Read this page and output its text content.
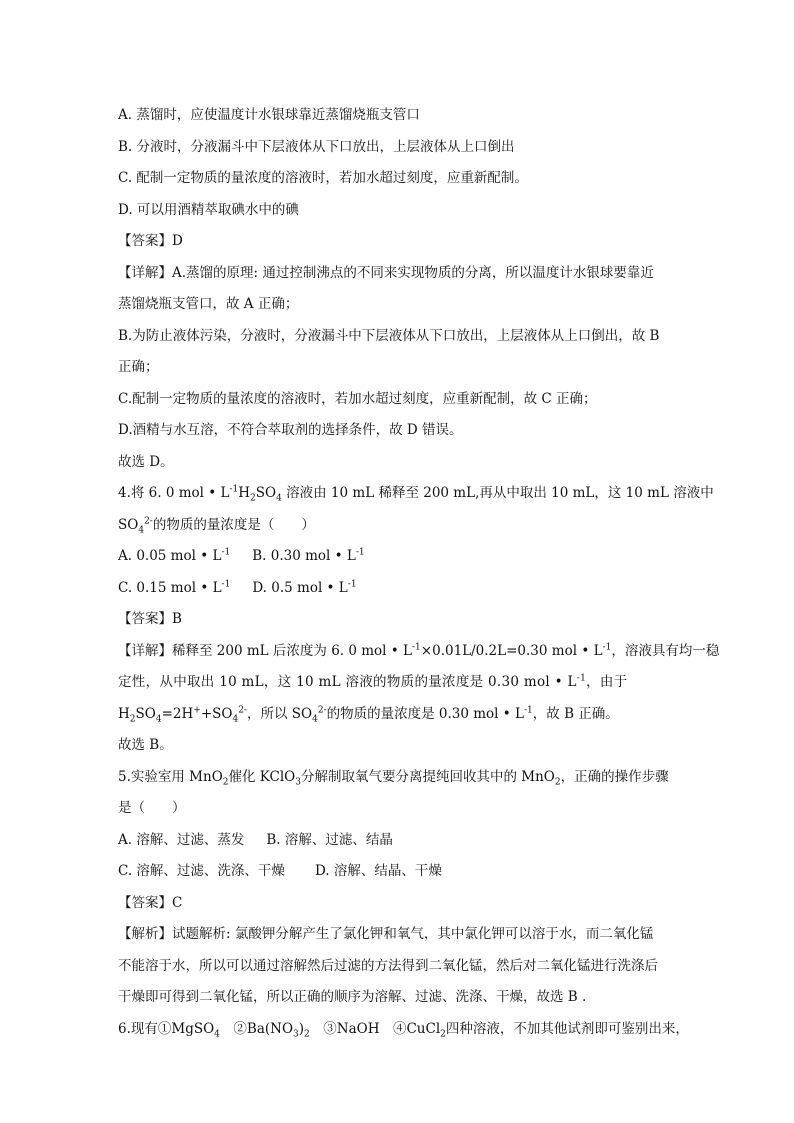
A. 蒸馏时，应使温度计水银球靠近蒸馏烧瓶支管口
B. 分液时，分液漏斗中下层液体从下口放出，上层液体从上口倒出
C. 配制一定物质的量浓度的溶液时，若加水超过刻度，应重新配制。
D. 可以用酒精萃取碘水中的碘
【答案】D
【详解】A.蒸馏的原理: 通过控制沸点的不同来实现物质的分离，所以温度计水银球要靠近
蒸馏烧瓶支管口，故 A 正确；
B.为防止液体污染，分液时，分液漏斗中下层液体从下口放出，上层液体从上口倒出，故 B
正确；
C.配制一定物质的量浓度的溶液时，若加水超过刻度，应重新配制，故 C 正确；
D.酒精与水互溶，不符合萃取剂的选择条件，故 D 错误。
故选 D。
4.将 6. 0 mol • $L^{-1}H_2SO_4$ 溶液由 10 mL 稀释至 200 mL,再从中取出 10 mL，这 10 mL 溶液中
$SO_4^{2-}$的物质的量浓度是（　　）
A. 0.05 mol • $L^{-1}$ B. 0.30 mol • $L^{-1}$
C. 0.15 mol • $L^{-1}$ D. 0.5 mol • $L^{-1}$
【答案】B
【详解】稀释至 200 mL 后浓度为 6. 0 mol • $L^{-1}\times 0.01L/0.2L=0.30$ mol • $L^{-1}$，溶液具有均一稳
定性，从中取出 10 mL，这 10 mL 溶液的物质的量浓度是 0.30 mol • $L^{-1}$，由于
$H_2SO_4=2H^++SO_4^{2-}$，所以 $SO_4^{2-}$的物质的量浓度是 0.30 mol • $L^{-1}$，故 B 正确。
故选 B。
5.实验室用 MnO$_2$催化 KClO$_3$分解制取氧气要分离提纯回收其中的 MnO$_2$，正确的操作步骤
是（　　）
A. 溶解、过滤、蒸发 B. 溶解、过滤、结晶
C. 溶解、过滤、洗涤、干燥 D. 溶解、结晶、干燥
【答案】C
【解析】试题解析: 氯酸钾分解产生了氯化钾和氧气，其中氯化钾可以溶于水，而二氧化锰
不能溶于水，所以可以通过溶解然后过滤的方法得到二氧化锰，然后对二氧化锰进行洗涤后
干燥即可得到二氧化锰，所以正确的顺序为溶解、过滤、洗涤、干燥，故选 B .
6.现有①MgSO$_4$　$②Ba(NO_3)_2$　③NaOH　④CuCl$_2$四种溶液，不加其他试剂即可鉴别出来，
